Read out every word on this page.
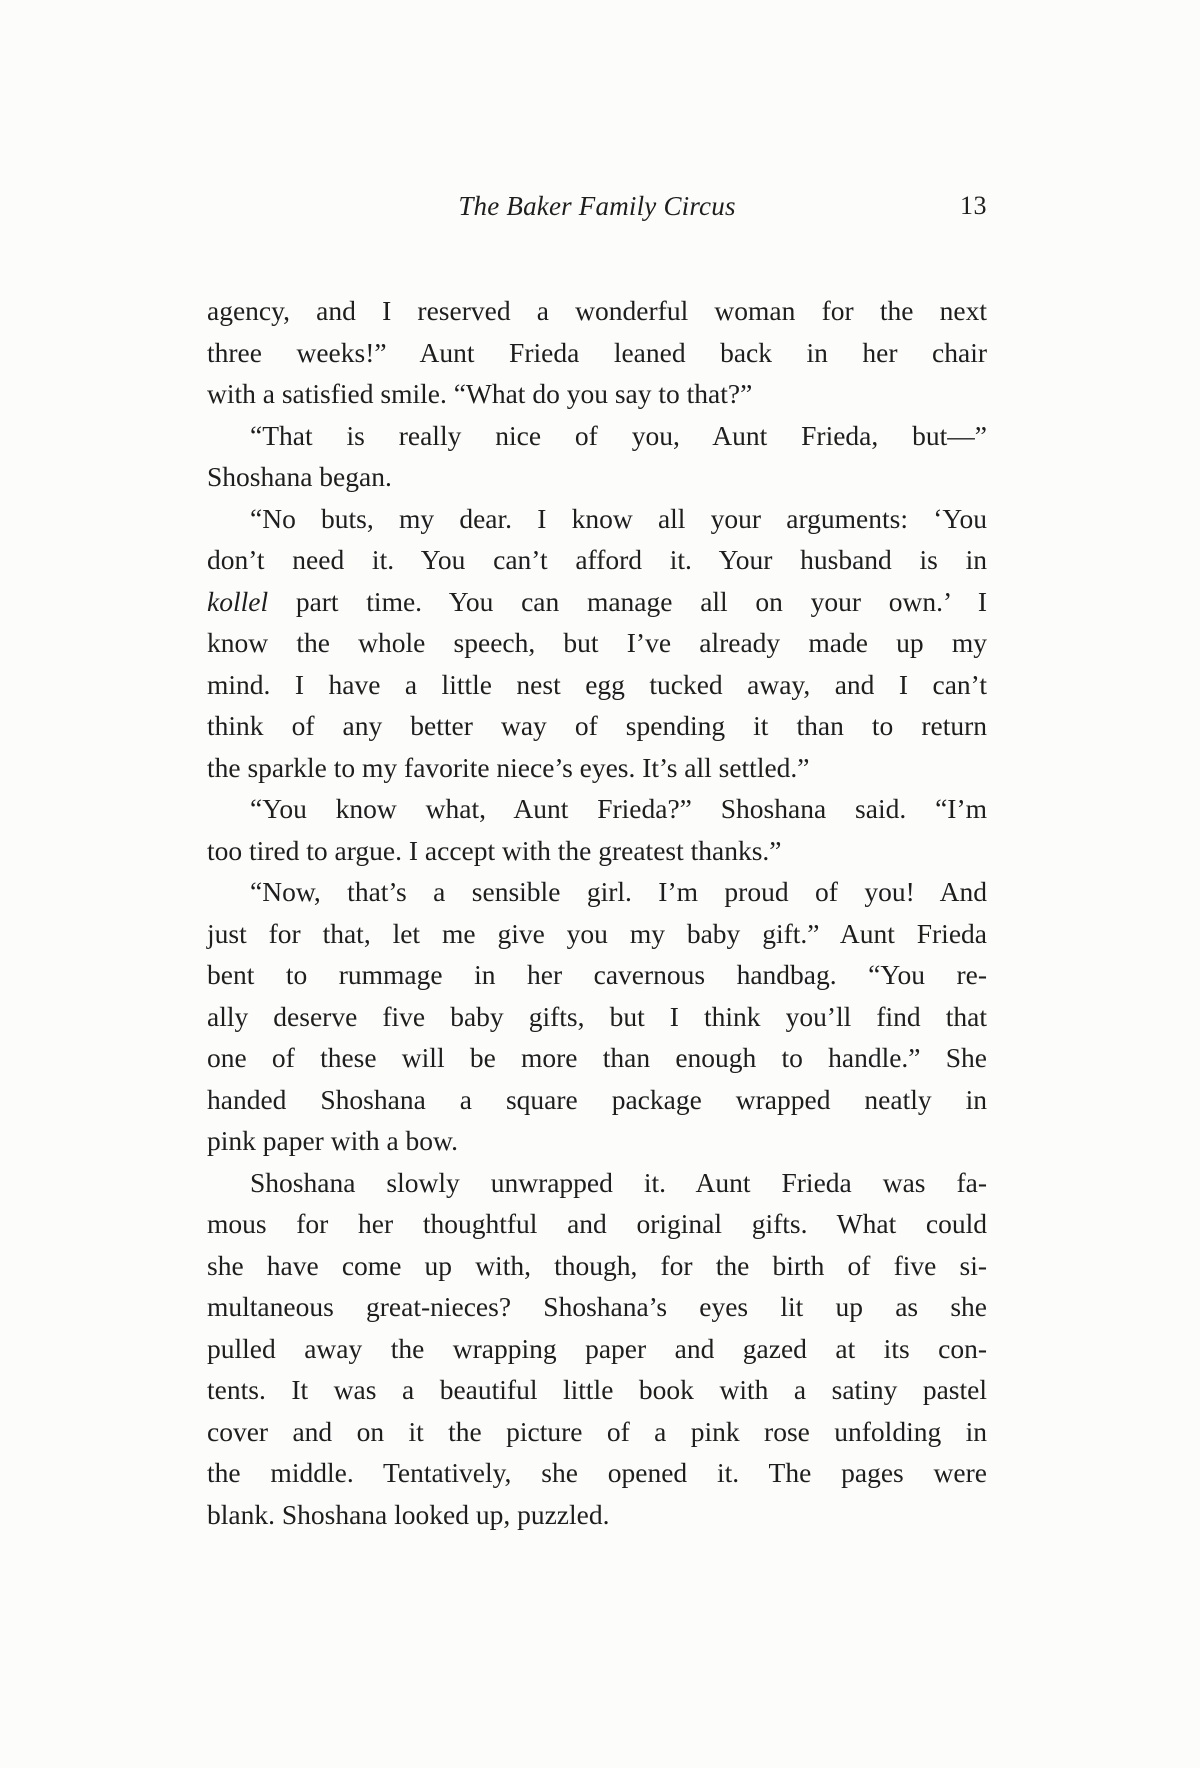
The Baker Family Circus	13
agency, and I reserved a wonderful woman for the next
three weeks!” Aunt Frieda leaned back in her chair
with a satisfied smile. “What do you say to that?”
“That is really nice of you, Aunt Frieda, but—”
Shoshana began.
“No buts, my dear. I know all your arguments: ‘You
don’t need it. You can’t afford it. Your husband is in
kollel part time. You can manage all on your own.’ I
know the whole speech, but I’ve already made up my
mind. I have a little nest egg tucked away, and I can’t
think of any better way of spending it than to return
the sparkle to my favorite niece’s eyes. It’s all settled.”
“You know what, Aunt Frieda?” Shoshana said. “I’m
too tired to argue. I accept with the greatest thanks.”
“Now, that’s a sensible girl. I’m proud of you! And
just for that, let me give you my baby gift.” Aunt Frieda
bent to rummage in her cavernous handbag. “You re-
ally deserve five baby gifts, but I think you’ll find that
one of these will be more than enough to handle.” She
handed Shoshana a square package wrapped neatly in
pink paper with a bow.
Shoshana slowly unwrapped it. Aunt Frieda was fa-
mous for her thoughtful and original gifts. What could
she have come up with, though, for the birth of five si-
multaneous great-nieces? Shoshana’s eyes lit up as she
pulled away the wrapping paper and gazed at its con-
tents. It was a beautiful little book with a satiny pastel
cover and on it the picture of a pink rose unfolding in
the middle. Tentatively, she opened it. The pages were
blank. Shoshana looked up, puzzled.
